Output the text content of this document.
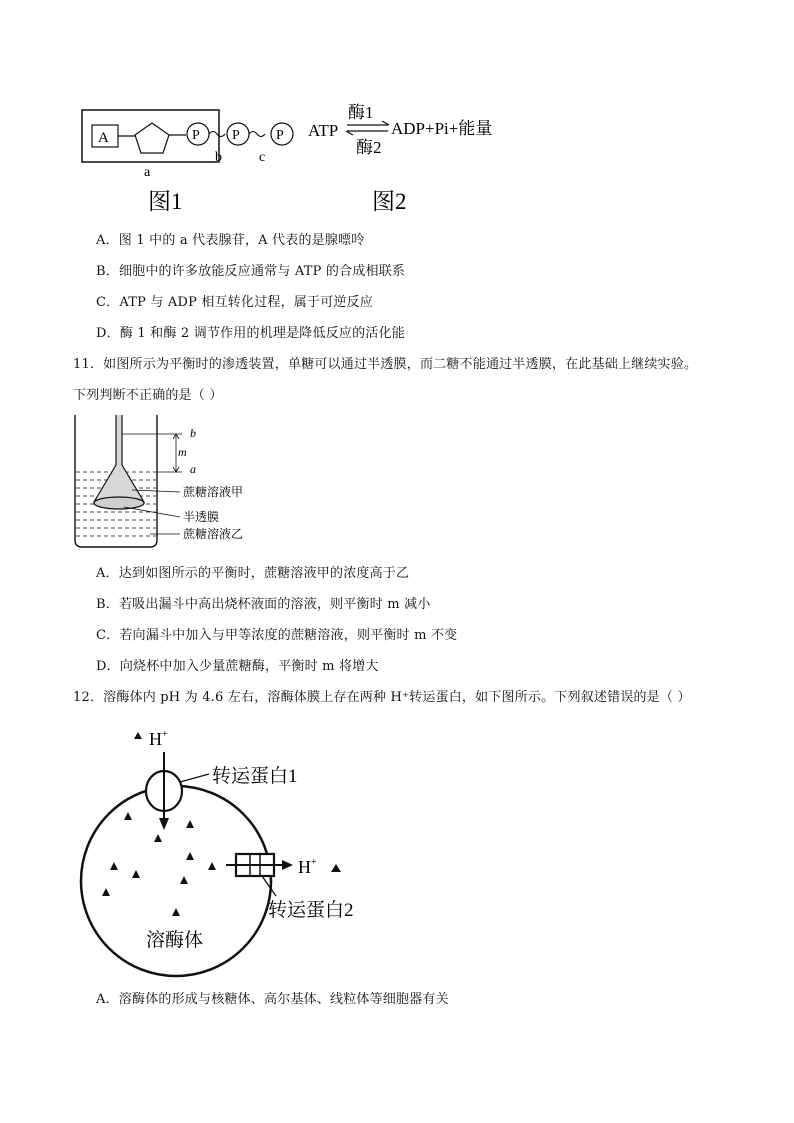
A	P P	P
a
b	c
图1
ATP
酶1
酶2
ADP+Pi+能量
图2
A．图 1 中的 a 代表腺苷，A 代表的是腺嘌呤
B．细胞中的许多放能反应通常与 ATP 的合成相联系
C．ATP 与 ADP 相互转化过程，属于可逆反应
D．酶 1 和酶 2 调节作用的机理是降低反应的活化能
11．如图所示为平衡时的渗透装置，单糖可以通过半透膜，而二糖不能通过半透膜，在此基础上继续实验。
下列判断不正确的是（ ）
b
m
a
蔗糖溶液甲
半透膜
蔗糖溶液乙
A．达到如图所示的平衡时，蔗糖溶液甲的浓度高于乙
B．若吸出漏斗中高出烧杯液面的溶液，则平衡时 m 减小
C．若向漏斗中加入与甲等浓度的蔗糖溶液，则平衡时 m 不变
D．向烧杯中加入少量蔗糖酶，平衡时 m 将增大
12．溶酶体内 pH 为 4.6 左右，溶酶体膜上存在两种 H⁺转运蛋白，如下图所示。下列叙述错误的是（ ）
H+
转运蛋白1
H+
转运蛋白2
溶酶体
A．溶酶体的形成与核糖体、高尔基体、线粒体等细胞器有关
